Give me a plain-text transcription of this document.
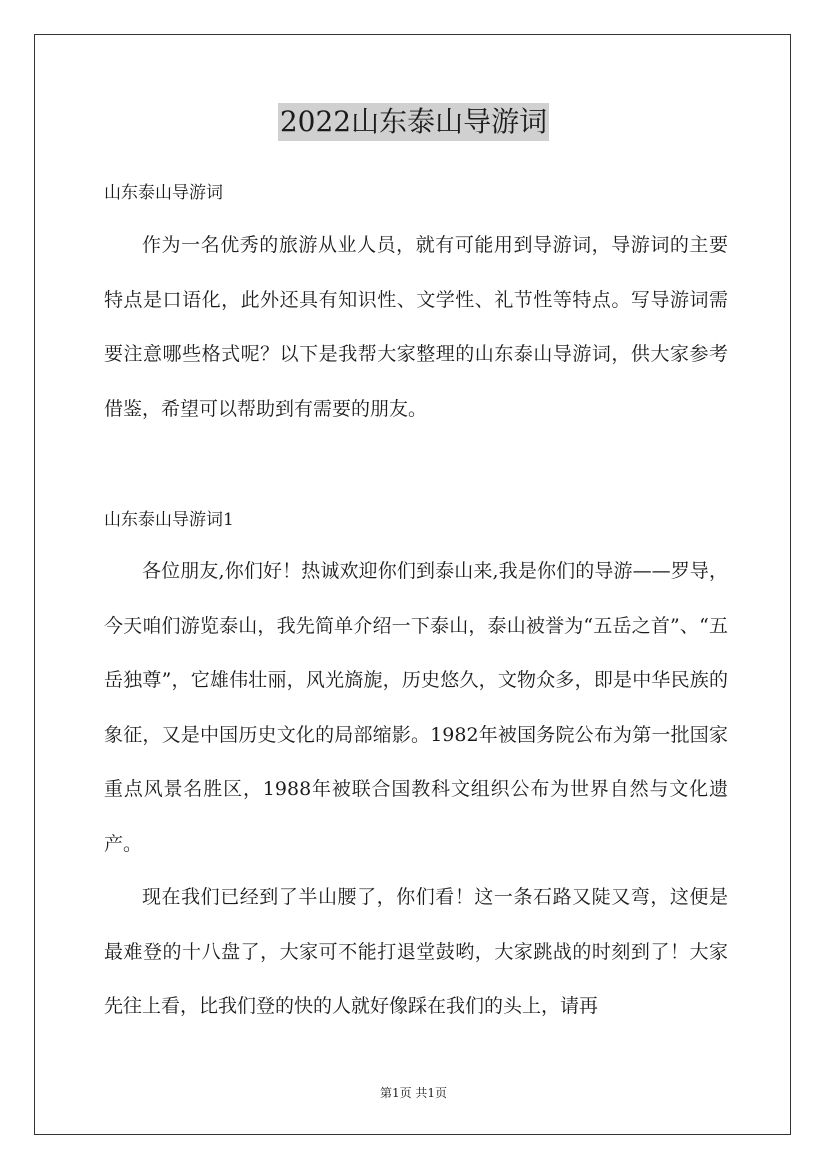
2022山东泰山导游词
山东泰山导游词

作为一名优秀的旅游从业人员，就有可能用到导游词，导游词的主要特点是口语化，此外还具有知识性、文学性、礼节性等特点。写导游词需要注意哪些格式呢？以下是我帮大家整理的山东泰山导游词，供大家参考借鉴，希望可以帮助到有需要的朋友。

山东泰山导游词1

各位朋友,你们好！热诚欢迎你们到泰山来,我是你们的导游——罗导，今天咱们游览泰山，我先简单介绍一下泰山，泰山被誉为“五岳之首”、“五岳独尊”，它雄伟壮丽，风光旖旎，历史悠久，文物众多，即是中华民族的象征，又是中国历史文化的局部缩影。1982年被国务院公布为第一批国家重点风景名胜区，1988年被联合国教科文组织公布为世界自然与文化遗产。

现在我们已经到了半山腰了，你们看！这一条石路又陡又弯，这便是最难登的十八盘了，大家可不能打退堂鼓哟，大家跳战的时刻到了！大家先往上看，比我们登的快的人就好像踩在我们的头上，请再

第1页 共1页
